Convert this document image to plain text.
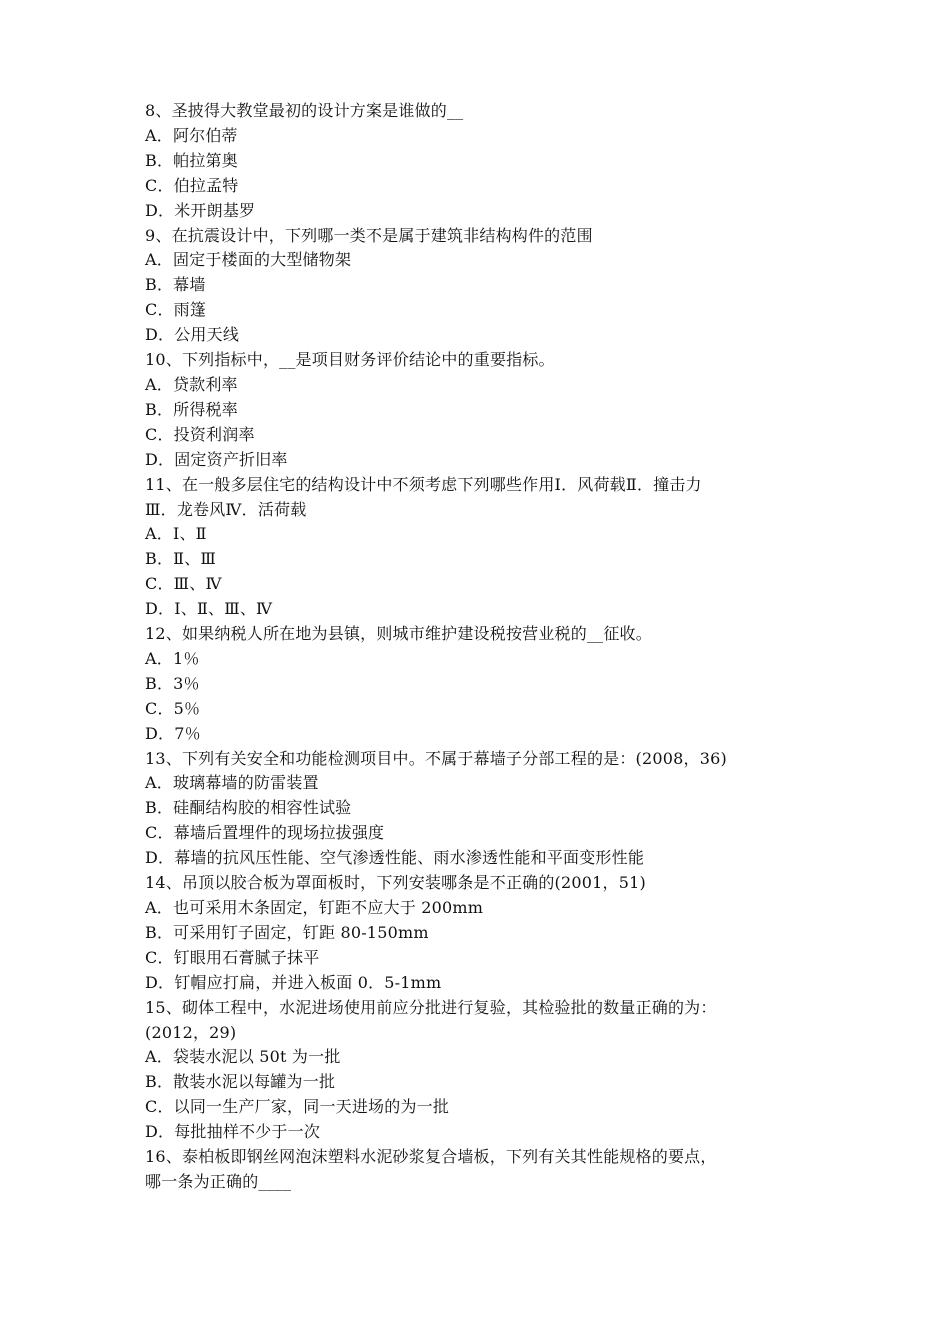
8、圣披得大教堂最初的设计方案是谁做的__
A．阿尔伯蒂
B．帕拉第奥
C．伯拉孟特
D．米开朗基罗
9、在抗震设计中，下列哪一类不是属于建筑非结构构件的范围
A．固定于楼面的大型储物架
B．幕墙
C．雨篷
D．公用天线
10、下列指标中，__是项目财务评价结论中的重要指标。
A．贷款利率
B．所得税率
C．投资利润率
D．固定资产折旧率
11、在一般多层住宅的结构设计中不须考虑下列哪些作用Ⅰ．风荷载Ⅱ．撞击力
Ⅲ．龙卷风Ⅳ．活荷载
A．Ⅰ、Ⅱ
B．Ⅱ、Ⅲ
C．Ⅲ、Ⅳ
D．Ⅰ、Ⅱ、Ⅲ、Ⅳ
12、如果纳税人所在地为县镇，则城市维护建设税按营业税的__征收。
A．1％
B．3％
C．5％
D．7％
13、下列有关安全和功能检测项目中。不属于幕墙子分部工程的是：(2008，36)
A．玻璃幕墙的防雷装置
B．硅酮结构胶的相容性试验
C．幕墙后置埋件的现场拉拔强度
D．幕墙的抗风压性能、空气渗透性能、雨水渗透性能和平面变形性能
14、吊顶以胶合板为罩面板时，下列安装哪条是不正确的(2001，51)
A．也可采用木条固定，钉距不应大于 200mm
B．可采用钉子固定，钉距 80-150mm
C．钉眼用石膏腻子抹平
D．钉帽应打扁，并进入板面 0．5-1mm
15、砌体工程中，水泥进场使用前应分批进行复验，其检验批的数量正确的为：
(2012，29)
A．袋装水泥以 50t 为一批
B．散装水泥以每罐为一批
C．以同一生产厂家，同一天进场的为一批
D．每批抽样不少于一次
16、泰柏板即钢丝网泡沫塑料水泥砂浆复合墙板，下列有关其性能规格的要点，
哪一条为正确的____
